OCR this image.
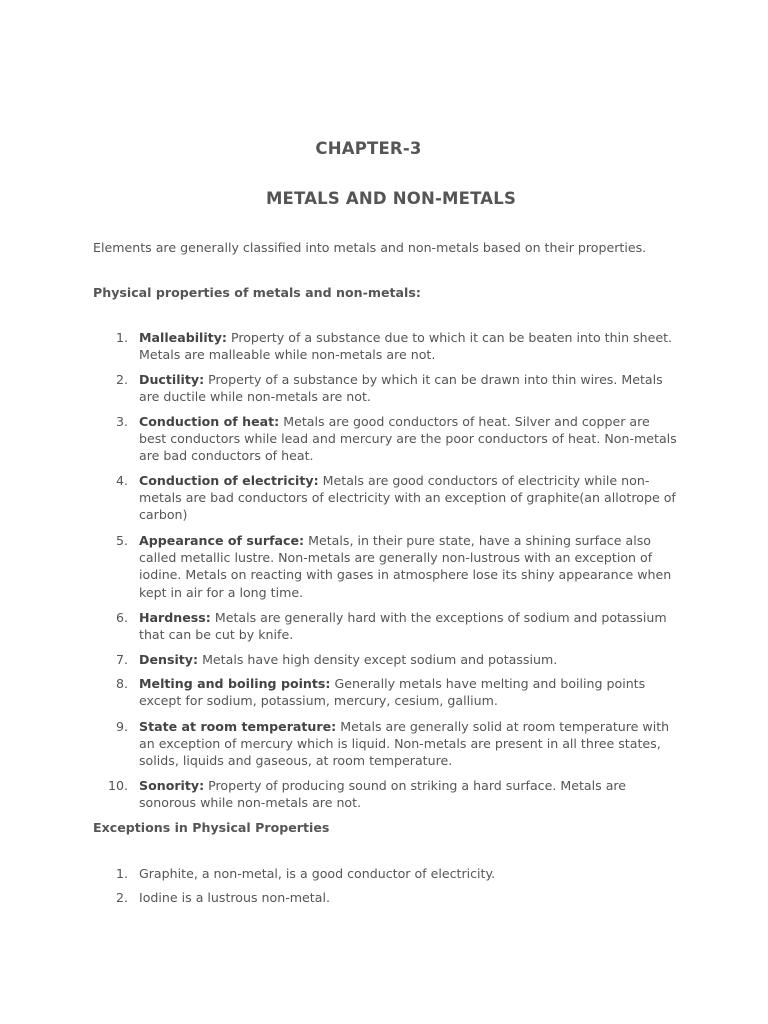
CHAPTER-3
METALS AND NON-METALS

Elements are generally classified into metals and non-metals based on their properties.

Physical properties of metals and non-metals:

1. Malleability: Property of a substance due to which it can be beaten into thin sheet. Metals are malleable while non-metals are not.
2. Ductility: Property of a substance by which it can be drawn into thin wires. Metals are ductile while non-metals are not.
3. Conduction of heat: Metals are good conductors of heat. Silver and copper are best conductors while lead and mercury are the poor conductors of heat. Non-metals are bad conductors of heat.
4. Conduction of electricity: Metals are good conductors of electricity while non-metals are bad conductors of electricity with an exception of graphite(an allotrope of carbon)
5. Appearance of surface: Metals, in their pure state, have a shining surface also called metallic lustre. Non-metals are generally non-lustrous with an exception of iodine. Metals on reacting with gases in atmosphere lose its shiny appearance when kept in air for a long time.
6. Hardness: Metals are generally hard with the exceptions of sodium and potassium that can be cut by knife.
7. Density: Metals have high density except sodium and potassium.
8. Melting and boiling points: Generally metals have melting and boiling points except for sodium, potassium, mercury, cesium, gallium.
9. State at room temperature: Metals are generally solid at room temperature with an exception of mercury which is liquid. Non-metals are present in all three states, solids, liquids and gaseous, at room temperature.
10. Sonority: Property of producing sound on striking a hard surface. Metals are sonorous while non-metals are not.

Exceptions in Physical Properties

1. Graphite, a non-metal, is a good conductor of electricity.
2. Iodine is a lustrous non-metal.
